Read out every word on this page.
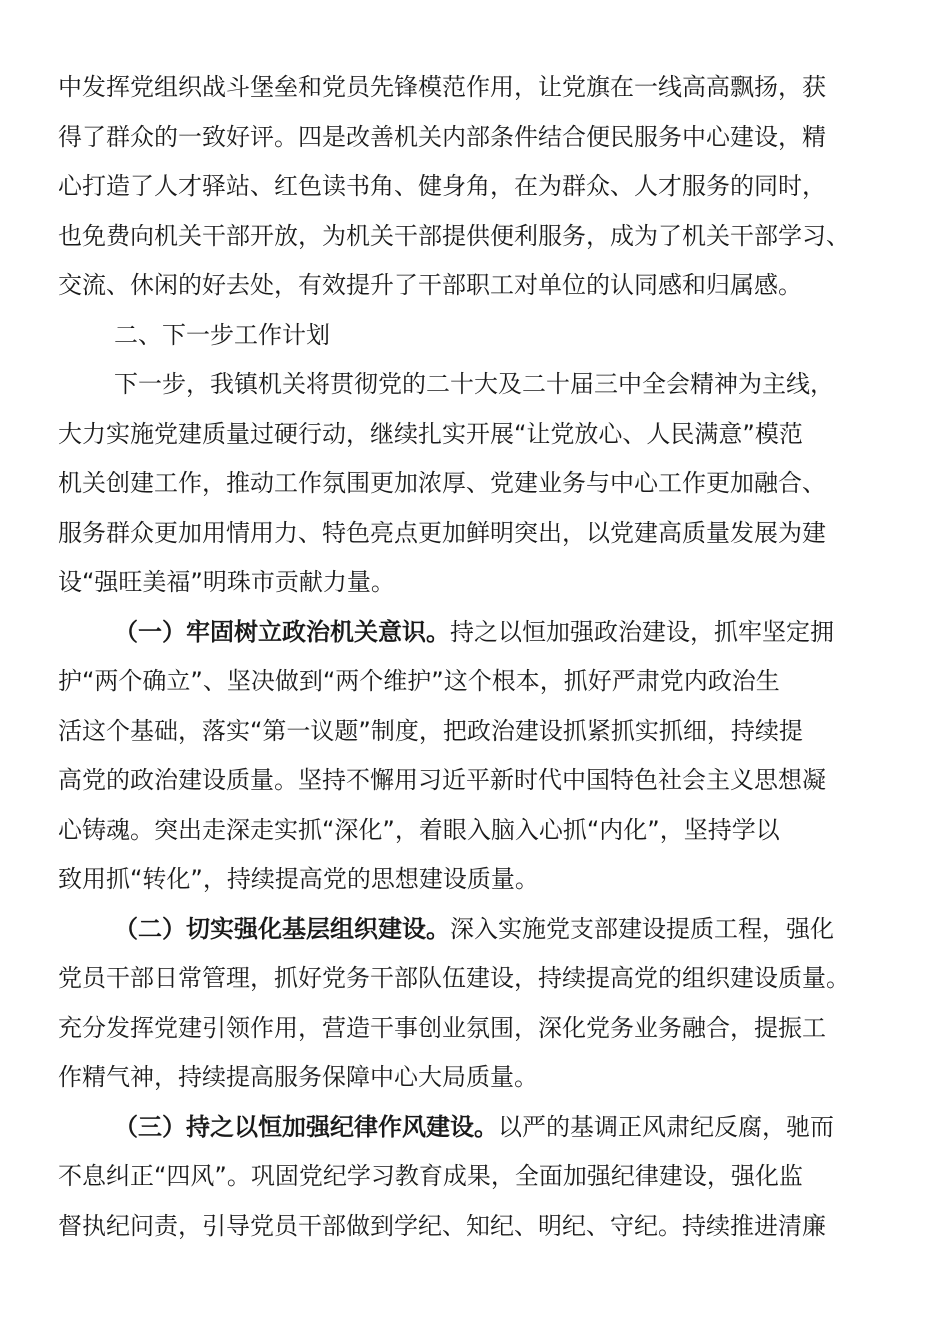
中发挥党组织战斗堡垒和党员先锋模范作用，让党旗在一线高高飘扬，获
得了群众的一致好评。四是改善机关内部条件结合便民服务中心建设，精
心打造了人才驿站、红色读书角、健身角，在为群众、人才服务的同时，
也免费向机关干部开放，为机关干部提供便利服务，成为了机关干部学习、
交流、休闲的好去处，有效提升了干部职工对单位的认同感和归属感。
二、下一步工作计划
下一步，我镇机关将贯彻党的二十大及二十届三中全会精神为主线，
大力实施党建质量过硬行动，继续扎实开展“让党放心、人民满意”模范
机关创建工作，推动工作氛围更加浓厚、党建业务与中心工作更加融合、
服务群众更加用情用力、特色亮点更加鲜明突出，以党建高质量发展为建
设“强旺美福”明珠市贡献力量。
（一）牢固树立政治机关意识。持之以恒加强政治建设，抓牢坚定拥
护“两个确立”、坚决做到“两个维护”这个根本，抓好严肃党内政治生
活这个基础，落实“第一议题”制度，把政治建设抓紧抓实抓细，持续提
高党的政治建设质量。坚持不懈用习近平新时代中国特色社会主义思想凝
心铸魂。突出走深走实抓“深化”，着眼入脑入心抓“内化”，坚持学以
致用抓“转化”，持续提高党的思想建设质量。
（二）切实强化基层组织建设。深入实施党支部建设提质工程，强化
党员干部日常管理，抓好党务干部队伍建设，持续提高党的组织建设质量。
充分发挥党建引领作用，营造干事创业氛围，深化党务业务融合，提振工
作精气神，持续提高服务保障中心大局质量。
（三）持之以恒加强纪律作风建设。以严的基调正风肃纪反腐，驰而
不息纠正“四风”。巩固党纪学习教育成果，全面加强纪律建设，强化监
督执纪问责，引导党员干部做到学纪、知纪、明纪、守纪。持续推进清廉
